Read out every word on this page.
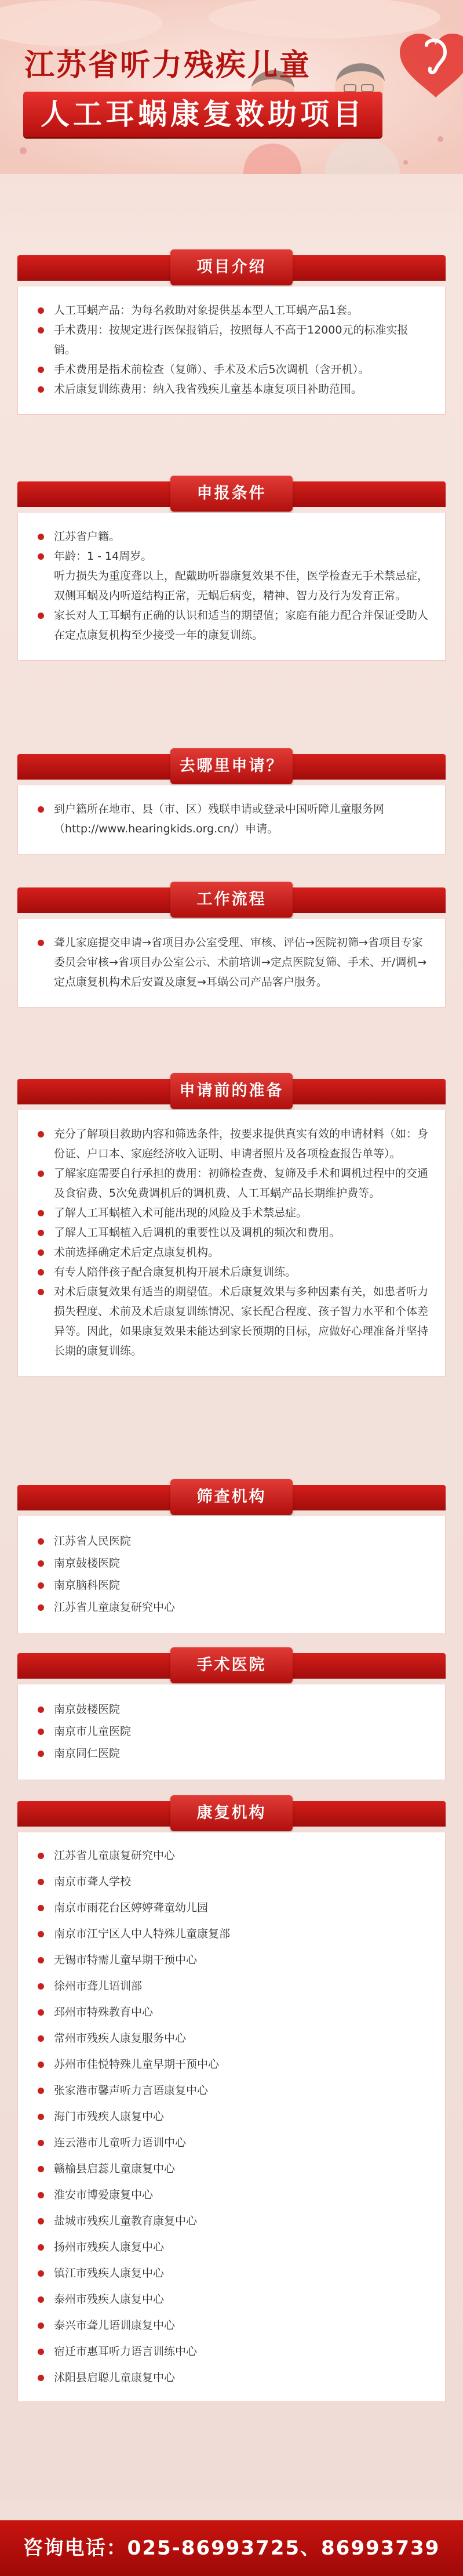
江苏省听力残疾儿童
人工耳蜗康复救助项目
项目介绍
人工耳蜗产品：为每名救助对象提供基本型人工耳蜗产品1套。
手术费用：按规定进行医保报销后，按照每人不高于12000元的标准实报销。
手术费用是指术前检查（复筛）、手术及术后5次调机（含开机）。
术后康复训练费用：纳入我省残疾儿童基本康复项目补助范围。
申报条件
江苏省户籍。
年龄：1 - 14周岁。
听力损失为重度聋以上，配戴助听器康复效果不佳，医学检查无手术禁忌症，双侧耳蜗及内听道结构正常，无蜗后病变，精神、智力及行为发育正常。
家长对人工耳蜗有正确的认识和适当的期望值；家庭有能力配合并保证受助人在定点康复机构至少接受一年的康复训练。
去哪里申请？
到户籍所在地市、县（市、区）残联申请或登录中国听障儿童服务网（http://www.hearingkids.org.cn/）申请。
工作流程
聋儿家庭提交申请→省项目办公室受理、审核、评估→医院初筛→省项目专家委员会审核→省项目办公室公示、术前培训→定点医院复筛、手术、开/调机→定点康复机构术后安置及康复→耳蜗公司产品客户服务。
申请前的准备
充分了解项目救助内容和筛选条件，按要求提供真实有效的申请材料（如：身份证、户口本、家庭经济收入证明、申请者照片及各项检查报告单等）。
了解家庭需要自行承担的费用：初筛检查费、复筛及手术和调机过程中的交通及食宿费、5次免费调机后的调机费、人工耳蜗产品长期维护费等。
了解人工耳蜗植入术可能出现的风险及手术禁忌症。
了解人工耳蜗植入后调机的重要性以及调机的频次和费用。
术前选择确定术后定点康复机构。
有专人陪伴孩子配合康复机构开展术后康复训练。
对术后康复效果有适当的期望值。术后康复效果与多种因素有关，如患者听力损失程度、术前及术后康复训练情况、家长配合程度、孩子智力水平和个体差异等。因此，如果康复效果未能达到家长预期的目标，应做好心理准备并坚持长期的康复训练。
筛查机构
江苏省人民医院
南京鼓楼医院
南京脑科医院
江苏省儿童康复研究中心
手术医院
南京鼓楼医院
南京市儿童医院
南京同仁医院
康复机构
江苏省儿童康复研究中心
南京市聋人学校
南京市雨花台区婷婷聋童幼儿园
南京市江宁区人中人特殊儿童康复部
无锡市特需儿童早期干预中心
徐州市聋儿语训部
邳州市特殊教育中心
常州市残疾人康复服务中心
苏州市佳悦特殊儿童早期干预中心
张家港市馨声听力言语康复中心
海门市残疾人康复中心
连云港市儿童听力语训中心
赣榆县启蕊儿童康复中心
淮安市博爱康复中心
盐城市残疾儿童教育康复中心
扬州市残疾人康复中心
镇江市残疾人康复中心
泰州市残疾人康复中心
泰兴市聋儿语训康复中心
宿迁市惠耳听力语言训练中心
沭阳县启聪儿童康复中心
咨询电话：025-86993725、86993739
